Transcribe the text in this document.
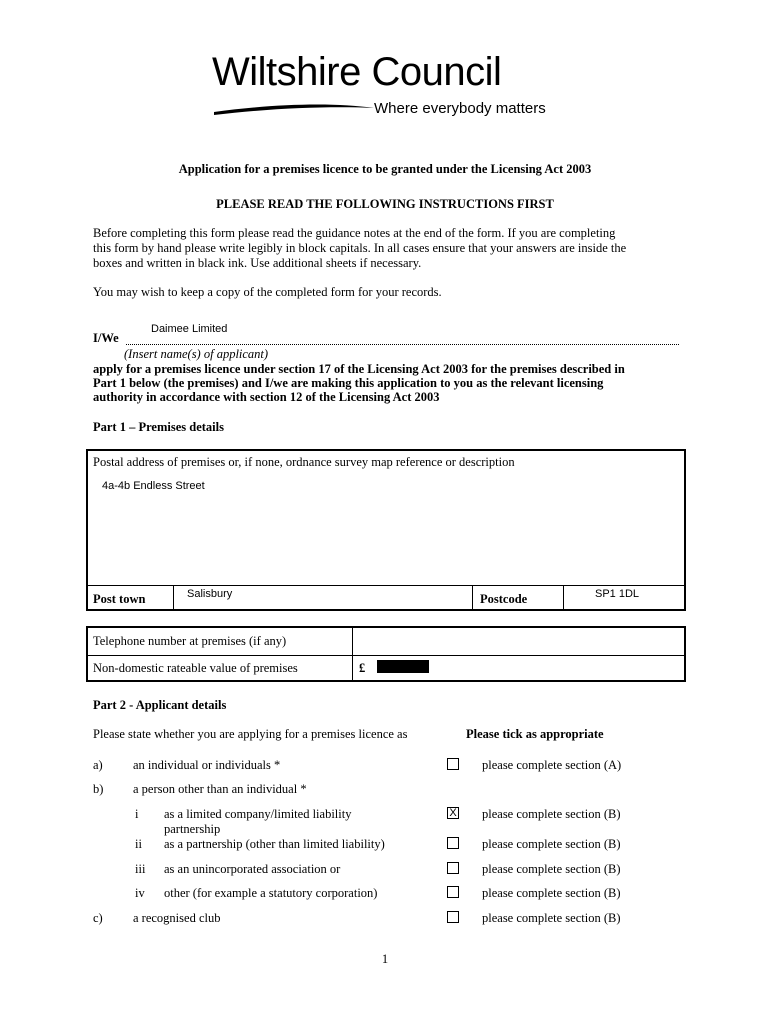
Wiltshire Council
Where everybody matters
Application for a premises licence to be granted under the Licensing Act 2003
PLEASE READ THE FOLLOWING INSTRUCTIONS FIRST
Before completing this form please read the guidance notes at the end of the form. If you are completing
this form by hand please write legibly in block capitals. In all cases ensure that your answers are inside the
boxes and written in black ink. Use additional sheets if necessary.
You may wish to keep a copy of the completed form for your records.
I/We
Daimee Limited
(Insert name(s) of applicant)
apply for a premises licence under section 17 of the Licensing Act 2003 for the premises described in
Part 1 below (the premises) and I/we are making this application to you as the relevant licensing
authority in accordance with section 12 of the Licensing Act 2003
Part 1 – Premises details
Postal address of premises or, if none, ordnance survey map reference or description
4a-4b Endless Street
Post town	Salisbury	Postcode	SP1 1DL
Telephone number at premises (if any)
Non-domestic rateable value of premises	£
Part 2 - Applicant details
Please state whether you are applying for a premises licence as	Please tick as appropriate
a) an individual or individuals *	please complete section (A)
b) a person other than an individual *
i as a limited company/limited liability
partnership
X please complete section (B)
ii as a partnership (other than limited liability)	please complete section (B)
iii as an unincorporated association or	please complete section (B)
iv other (for example a statutory corporation)	please complete section (B)
c) a recognised club	please complete section (B)
1
